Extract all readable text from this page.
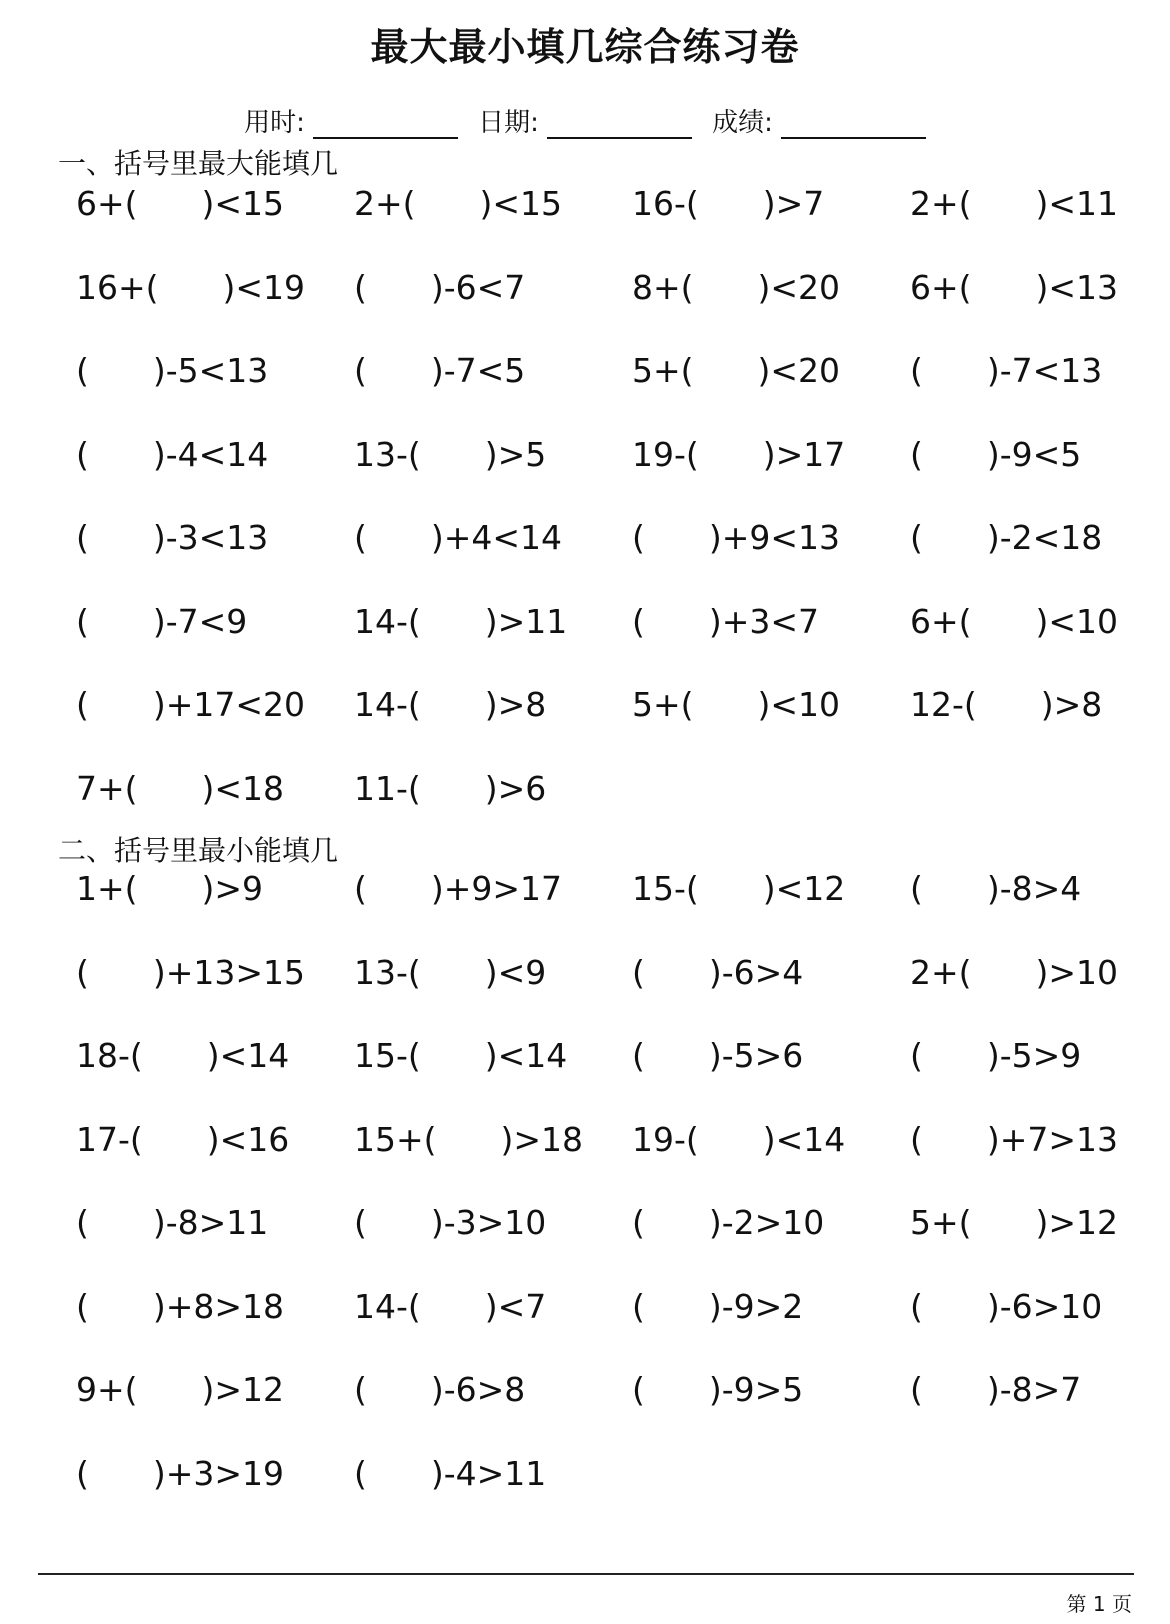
最大最小填几综合练习卷
用时:	日期:	成绩:
一、括号里最大能填几
6+( )<15	2+( )<15	16-( )>7	2+( )<11
16+( )<19	( )-6<7	8+( )<20	6+( )<13
( )-5<13	( )-7<5	5+( )<20	( )-7<13
( )-4<14	13-( )>5	19-( )>17	( )-9<5
( )-3<13	( )+4<14	( )+9<13	( )-2<18
( )-7<9	14-( )>11	( )+3<7	6+( )<10
( )+17<20	14-( )>8	5+( )<10	12-( )>8
7+( )<18	11-( )>6
二、括号里最小能填几
1+( )>9	( )+9>17	15-( )<12	( )-8>4
( )+13>15	13-( )<9	( )-6>4	2+( )>10
18-( )<14	15-( )<14	( )-5>6	( )-5>9
17-( )<16	15+( )>18	19-( )<14	( )+7>13
( )-8>11	( )-3>10	( )-2>10	5+( )>12
( )+8>18	14-( )<7	( )-9>2	( )-6>10
9+( )>12	( )-6>8	( )-9>5	( )-8>7
( )+3>19	( )-4>11
第 1 页
